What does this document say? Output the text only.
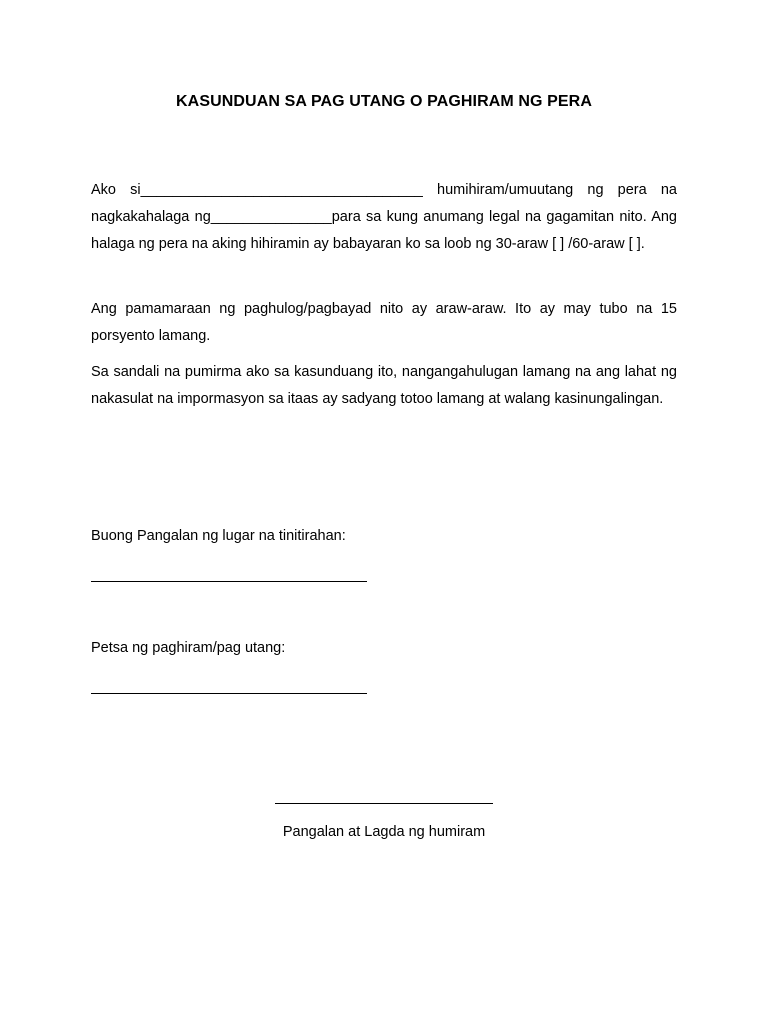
KASUNDUAN SA PAG UTANG O PAGHIRAM NG PERA

Ako si___________________________________ humihiram/umuutang ng pera na nagkakahalaga ng_______________para sa kung anumang legal na gagamitan nito. Ang halaga ng pera na aking hihiramin ay babayaran ko sa loob ng 30-araw [ ] /60-araw [ ].

Ang pamamaraan ng paghulog/pagbayad nito ay araw-araw. Ito ay may tubo na 15 porsyento lamang.

Sa sandali na pumirma ako sa kasunduang ito, nangangahulugan lamang na ang lahat ng nakasulat na impormasyon sa itaas ay sadyang totoo lamang at walang kasinungalingan.

Buong Pangalan ng lugar na tinitirahan:
Petsa ng paghiram/pag utang:
Pangalan at Lagda ng humiram
